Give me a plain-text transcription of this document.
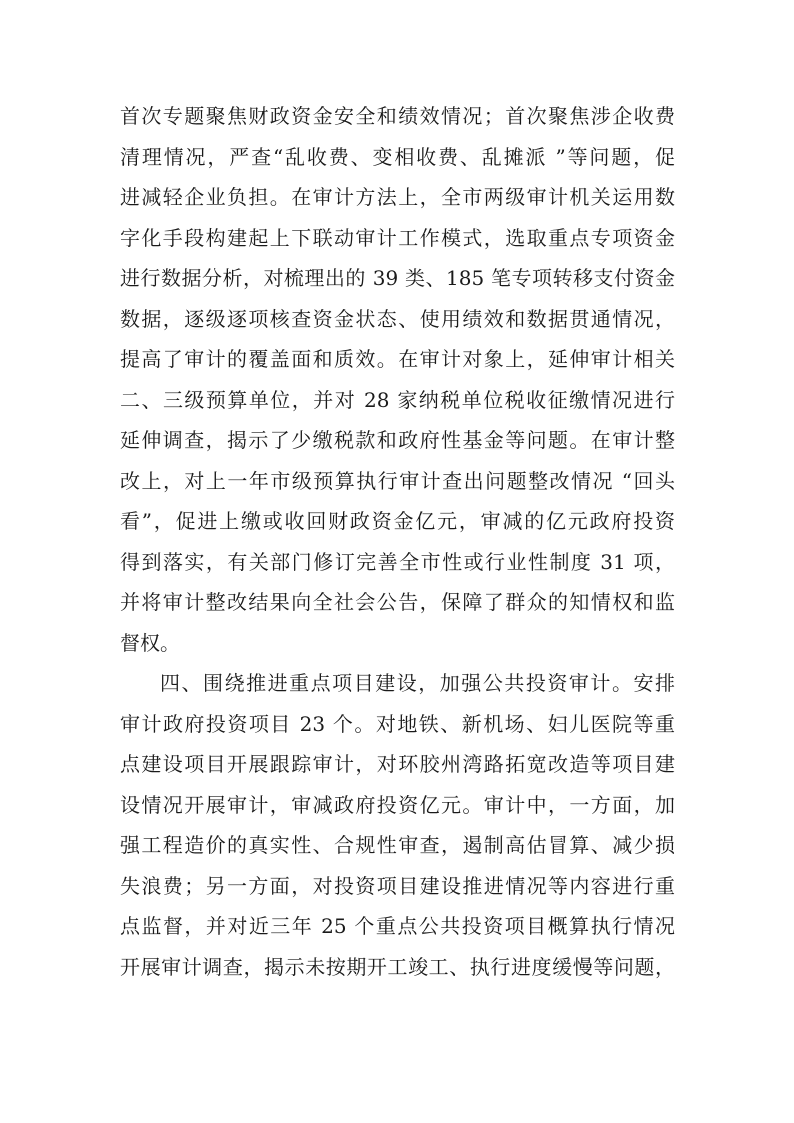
首次专题聚焦财政资金安全和绩效情况；首次聚焦涉企收费
清理情况，严查“乱收费、变相收费、乱摊派 ”等问题，促
进减轻企业负担。在审计方法上，全市两级审计机关运用数
字化手段构建起上下联动审计工作模式，选取重点专项资金
进行数据分析，对梳理出的 39 类、185 笔专项转移支付资金
数据，逐级逐项核查资金状态、使用绩效和数据贯通情况，
提高了审计的覆盖面和质效。在审计对象上，延伸审计相关
二、三级预算单位，并对 28 家纳税单位税收征缴情况进行
延伸调查，揭示了少缴税款和政府性基金等问题。在审计整
改上，对上一年市级预算执行审计查出问题整改情况 “回头
看”，促进上缴或收回财政资金亿元，审减的亿元政府投资
得到落实，有关部门修订完善全市性或行业性制度 31 项，
并将审计整改结果向全社会公告，保障了群众的知情权和监
督权。
四、围绕推进重点项目建设，加强公共投资审计。安排
审计政府投资项目 23 个。对地铁、新机场、妇儿医院等重
点建设项目开展跟踪审计，对环胶州湾路拓宽改造等项目建
设情况开展审计，审减政府投资亿元。审计中，一方面，加
强工程造价的真实性、合规性审查，遏制高估冒算、减少损
失浪费；另一方面，对投资项目建设推进情况等内容进行重
点监督，并对近三年 25 个重点公共投资项目概算执行情况
开展审计调查，揭示未按期开工竣工、执行进度缓慢等问题，
